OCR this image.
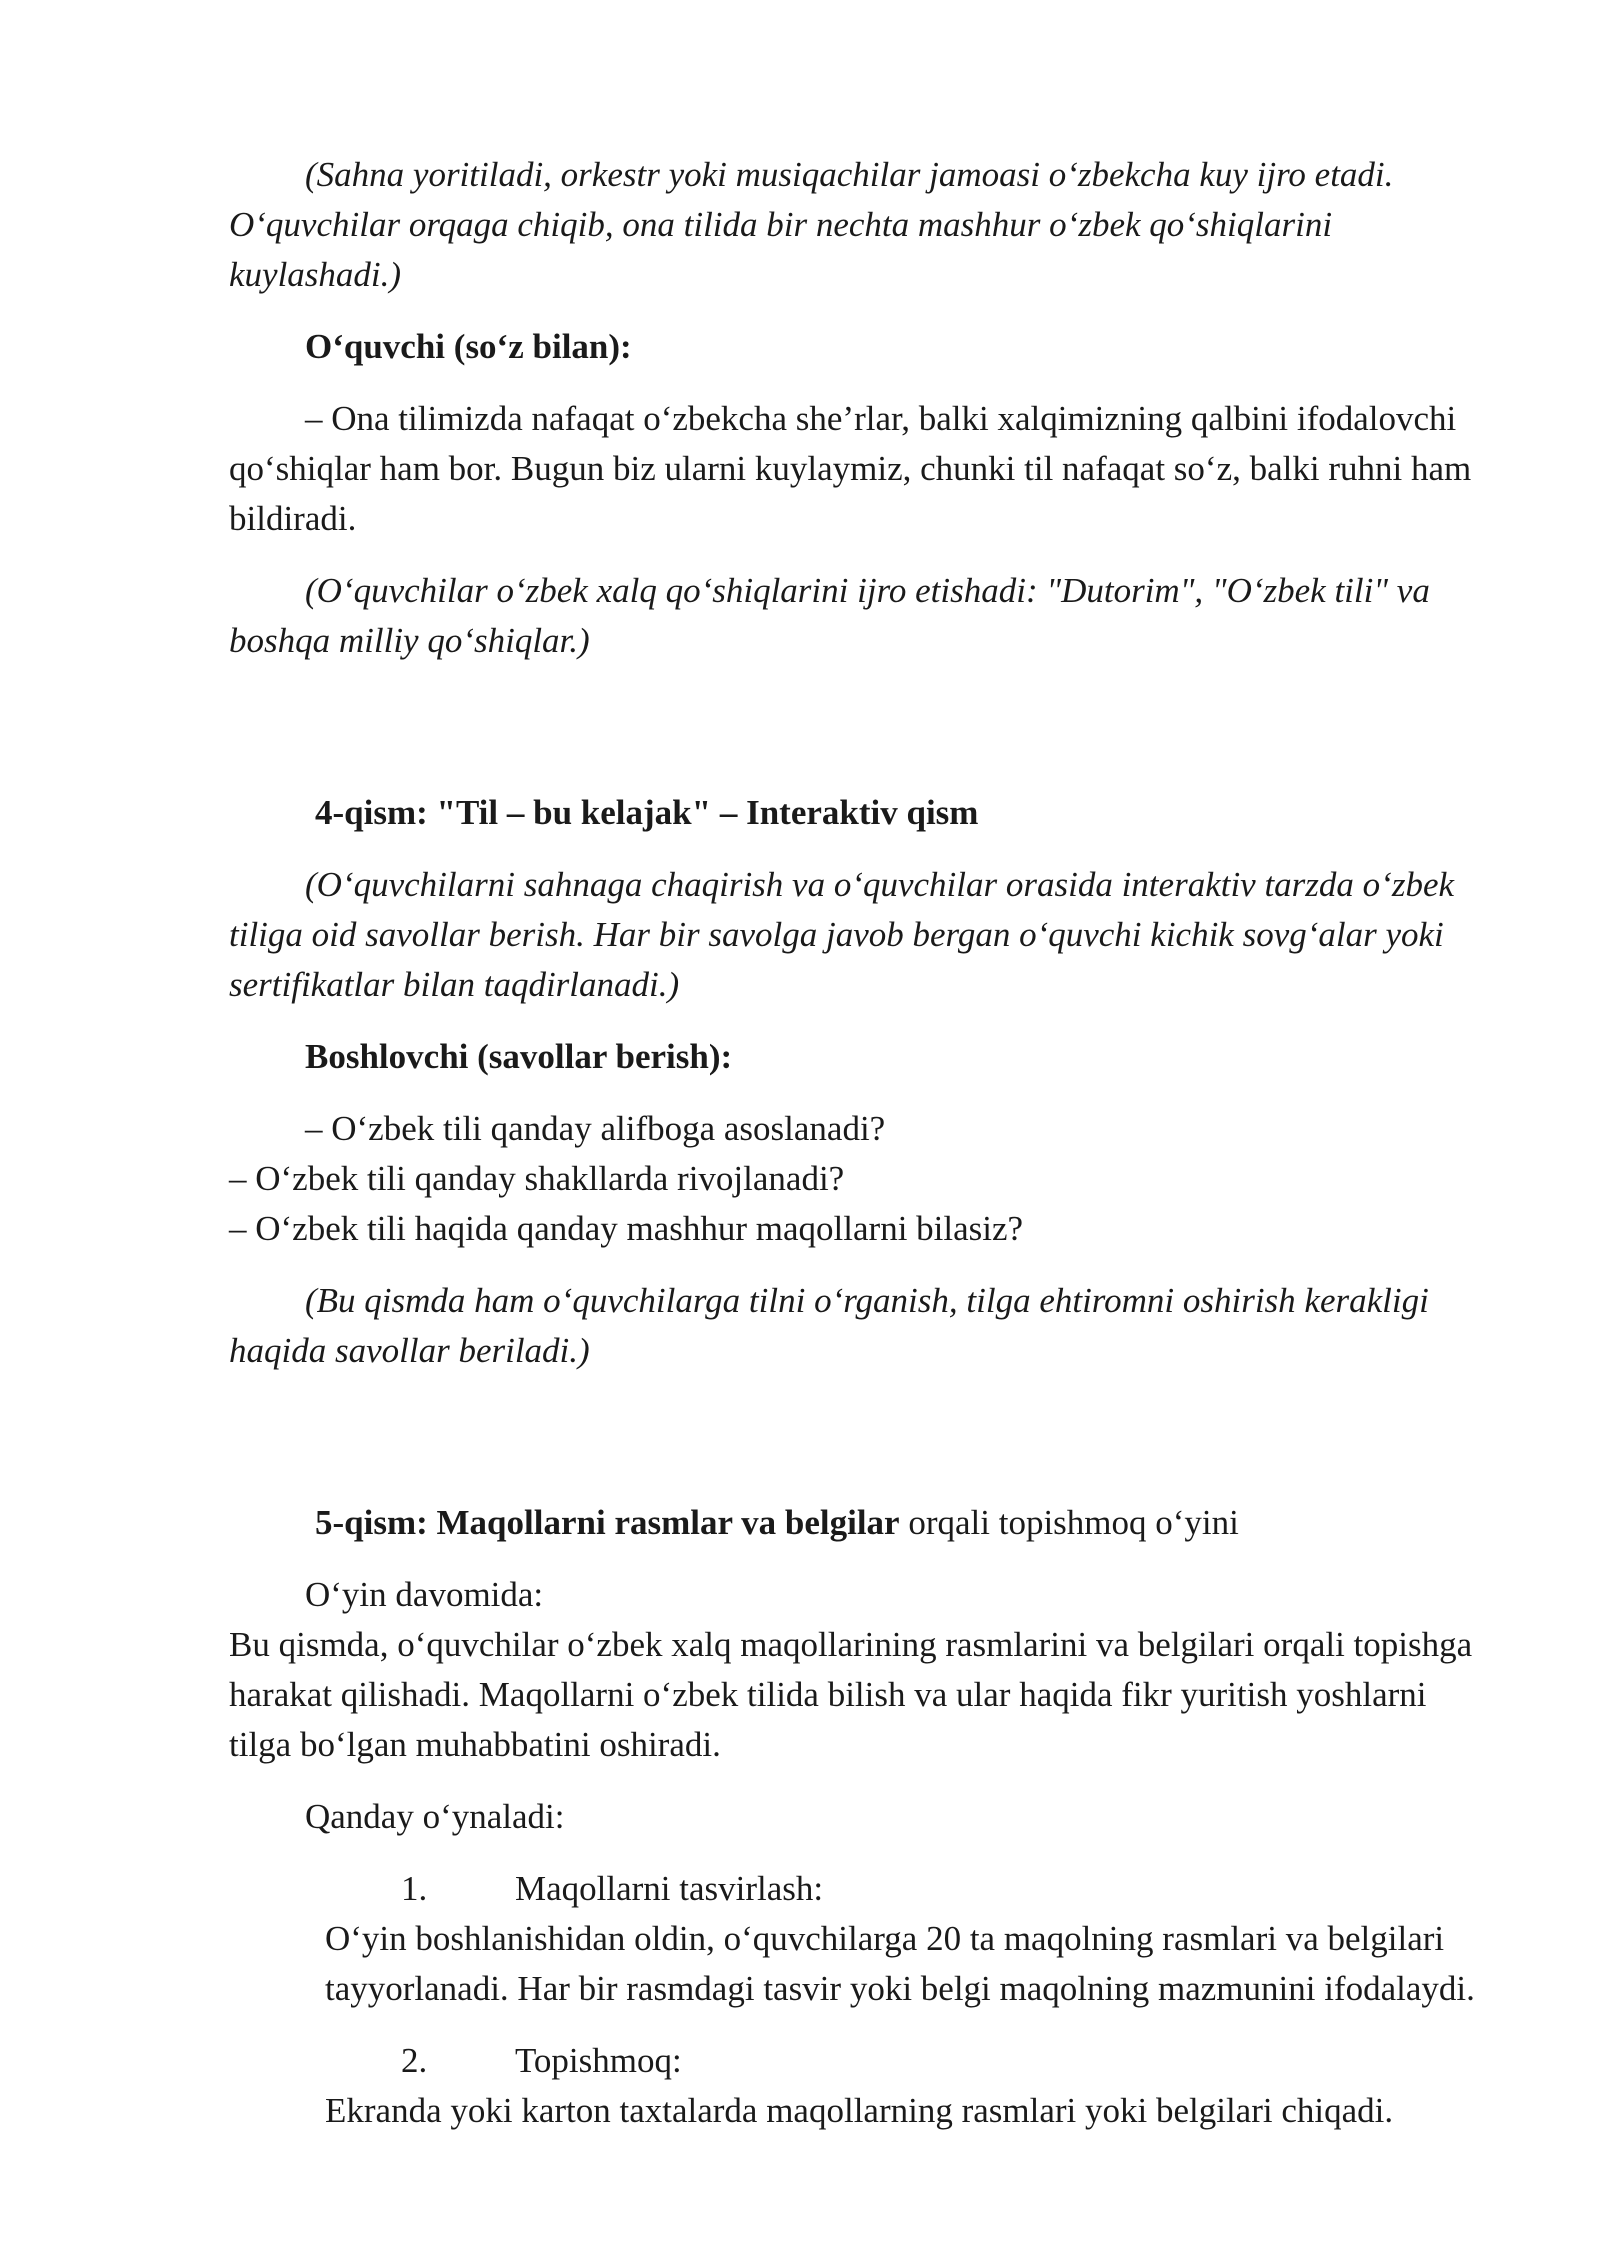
(Sahna yoritiladi, orkestr yoki musiqachilar jamoasi o‘zbekcha kuy ijro etadi. O‘quvchilar orqaga chiqib, ona tilida bir nechta mashhur o‘zbek qo‘shiqlarini kuylashadi.)

O‘quvchi (so‘z bilan):

– Ona tilimizda nafaqat o‘zbekcha she’rlar, balki xalqimizning qalbini ifodalovchi qo‘shiqlar ham bor. Bugun biz ularni kuylaymiz, chunki til nafaqat so‘z, balki ruhni ham bildiradi.

(O‘quvchilar o‘zbek xalq qo‘shiqlarini ijro etishadi: "Dutorim", "O‘zbek tili" va boshqa milliy qo‘shiqlar.)

4-qism: "Til – bu kelajak" – Interaktiv qism

(O‘quvchilarni sahnaga chaqirish va o‘quvchilar orasida interaktiv tarzda o‘zbek tiliga oid savollar berish. Har bir savolga javob bergan o‘quvchi kichik sovg‘alar yoki sertifikatlar bilan taqdirlanadi.)

Boshlovchi (savollar berish):

– O‘zbek tili qanday alifboga asoslanadi?
– O‘zbek tili qanday shakllarda rivojlanadi?
– O‘zbek tili haqida qanday mashhur maqollarni bilasiz?

(Bu qismda ham o‘quvchilarga tilni o‘rganish, tilga ehtiromni oshirish kerakligi haqida savollar beriladi.)

5-qism: Maqollarni rasmlar va belgilar orqali topishmoq o‘yini

O‘yin davomida:
Bu qismda, o‘quvchilar o‘zbek xalq maqollarining rasmlarini va belgilari orqali topishga harakat qilishadi. Maqollarni o‘zbek tilida bilish va ular haqida fikr yuritish yoshlarni tilga bo‘lgan muhabbatini oshiradi.

Qanday o‘ynaladi:

1.	Maqollarni tasvirlash:
O‘yin boshlanishidan oldin, o‘quvchilarga 20 ta maqolning rasmlari va belgilari tayyorlanadi. Har bir rasmdagi tasvir yoki belgi maqolning mazmunini ifodalaydi.

2.	Topishmoq:
Ekranda yoki karton taxtalarda maqollarning rasmlari yoki belgilari chiqadi.
